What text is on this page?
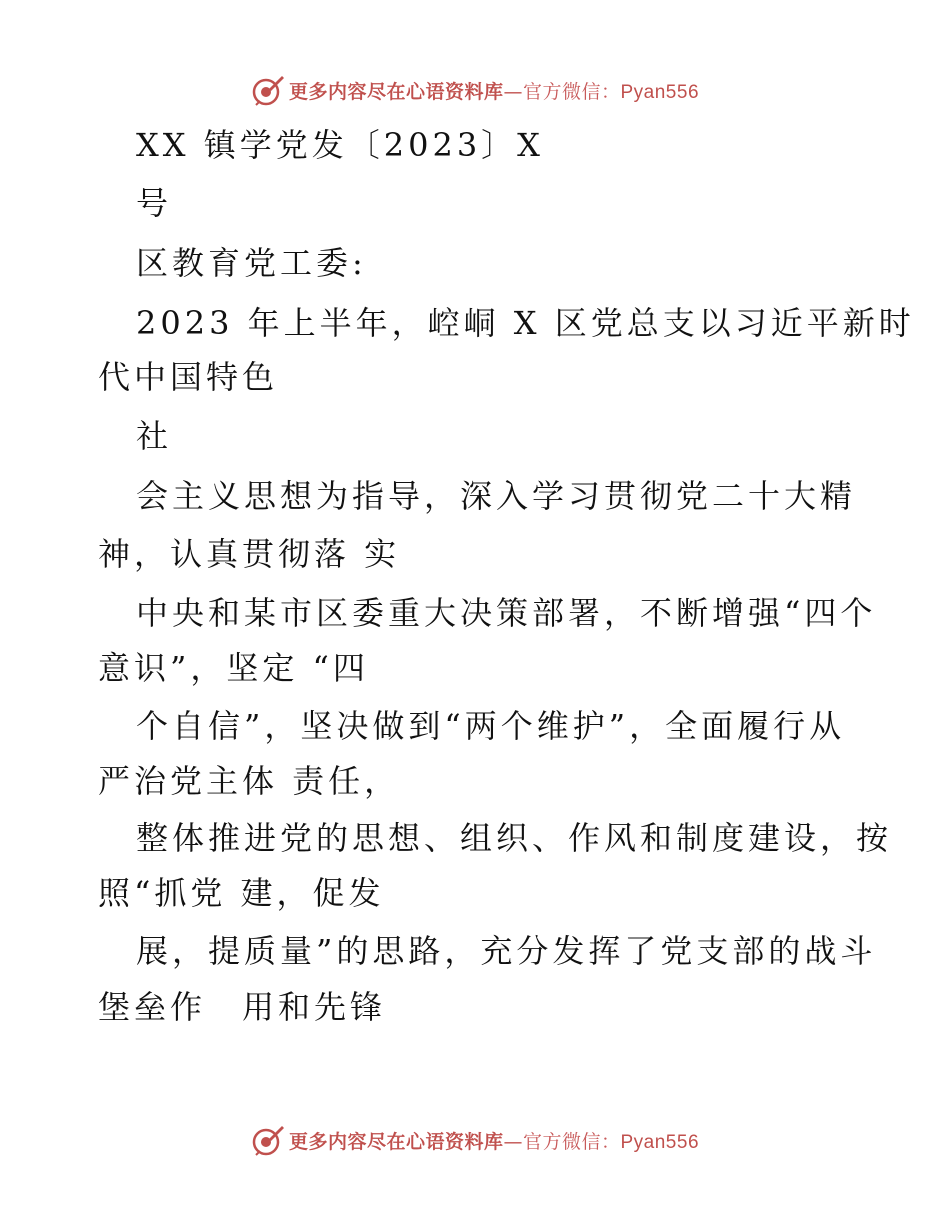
更多内容尽在心语资料库—官方微信：Pyan556
XX 镇学党发〔2023〕X
号
区教育党工委:
2023 年上半年，崆峒 X 区党总支以习近平新时
代中国特色
社
会主义思想为指导，深入学习贯彻党二十大精
神，认真贯彻落 实
中央和某市区委重大决策部署，不断增强“四个
意识”，坚定 “四
个自信”，坚决做到“两个维护”，全面履行从
严治党主体 责任，
整体推进党的思想、组织、作风和制度建设，按
照“抓党 建，促发
展，提质量”的思路，充分发挥了党支部的战斗
堡垒作　用和先锋
更多内容尽在心语资料库—官方微信：Pyan556
